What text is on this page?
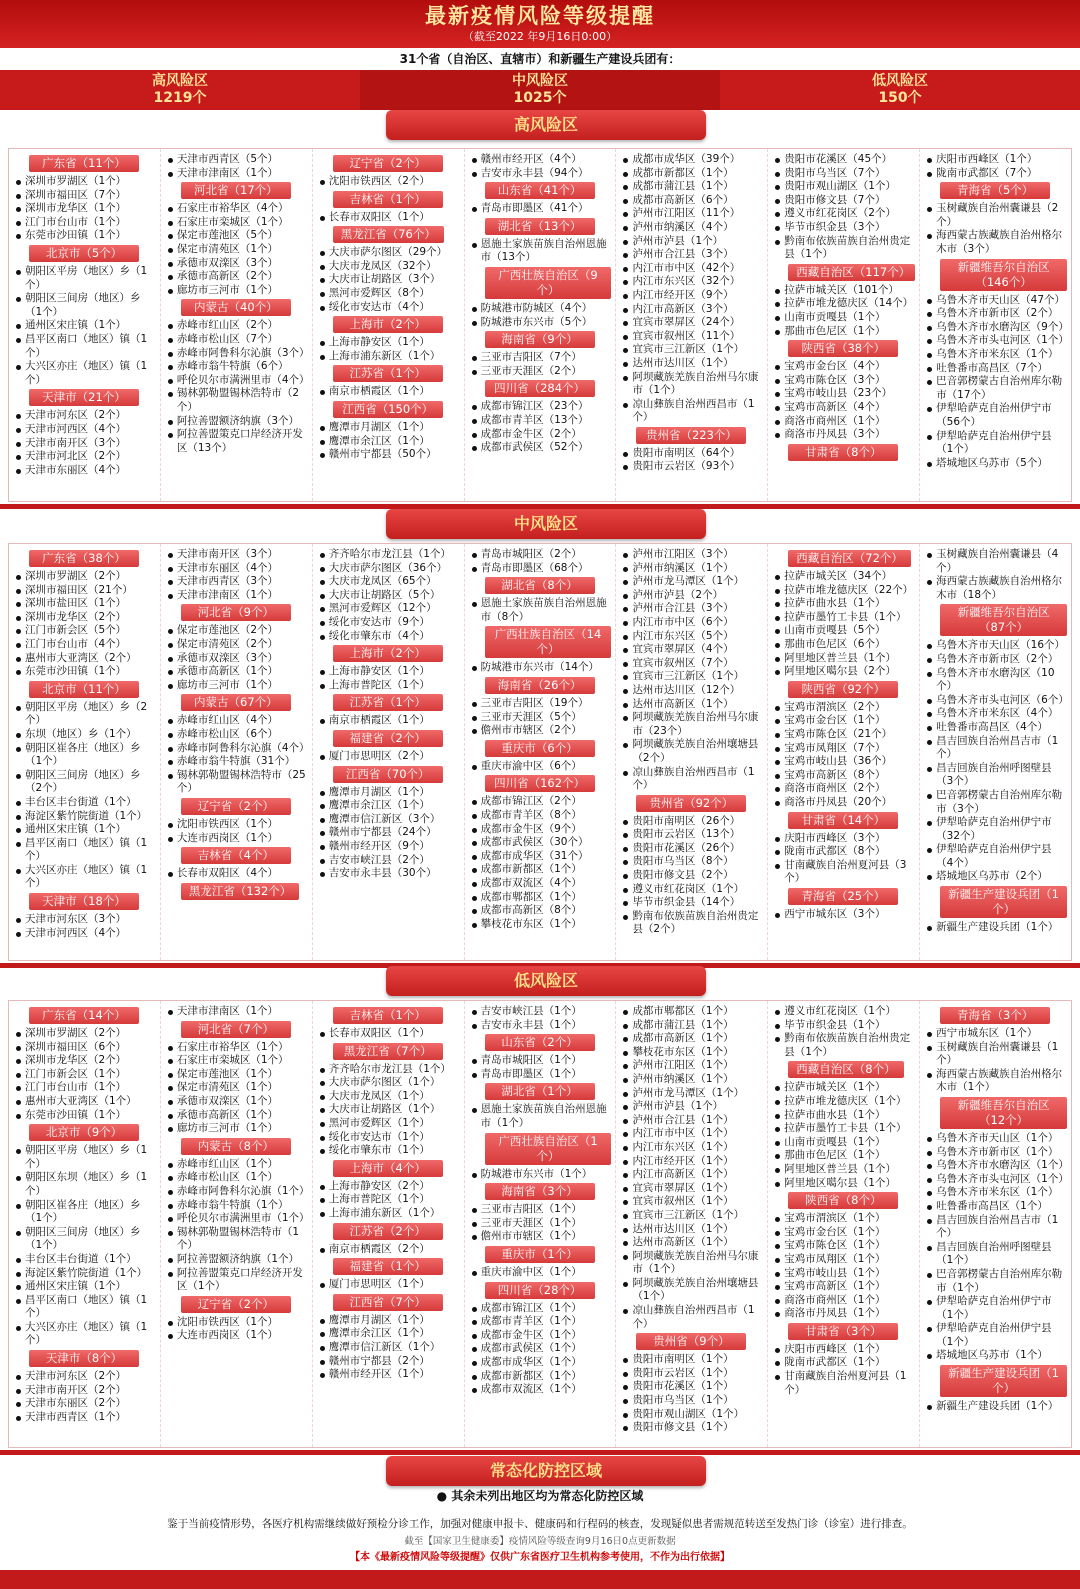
最新疫情风险等级提醒
（截至2022 年9月16日0:00）
31个省（自治区、直辖市）和新疆生产建设兵团有：
高风险区
1219个
中风险区
1025个
低风险区
150个
高风险区
广东省（11个）
深圳市罗湖区（1个）
深圳市福田区（7个）
深圳市龙华区（1个）
江门市台山市（1个）
东莞市沙田镇（1个）
北京市（5个）
朝阳区平房（地区）乡（1个）
朝阳区三间房（地区）乡（1个）
通州区宋庄镇（1个）
昌平区南口（地区）镇（1个）
大兴区亦庄（地区）镇（1个）
天津市（21个）
天津市河东区（2个）
天津市河西区（4个）
天津市南开区（3个）
天津市河北区（2个）
天津市东丽区（4个）
天津市西青区（5个）
天津市津南区（1个）
河北省（17个）
石家庄市裕华区（4个）
石家庄市栾城区（1个）
保定市莲池区（5个）
保定市清苑区（1个）
承德市双滦区（3个）
承德市高新区（2个）
廊坊市三河市（1个）
内蒙古（40个）
赤峰市红山区（2个）
赤峰市松山区（7个）
赤峰市阿鲁科尔沁旗（3个）
赤峰市翁牛特旗（6个）
呼伦贝尔市满洲里市（4个）
锡林郭勒盟锡林浩特市（2个）
阿拉善盟额济纳旗（3个）
阿拉善盟策克口岸经济开发区（13个）
辽宁省（2个）
沈阳市铁西区（2个）
吉林省（1个）
长春市双阳区（1个）
黑龙江省（76个）
大庆市萨尔图区（29个）
大庆市龙凤区（32个）
大庆市让胡路区（3个）
黑河市爱辉区（8个）
绥化市安达市（4个）
上海市（2个）
上海市静安区（1个）
上海市浦东新区（1个）
江苏省（1个）
南京市栖霞区（1个）
江西省（150个）
鹰潭市月湖区（1个）
鹰潭市余江区（1个）
赣州市宁都县（50个）
赣州市经开区（4个）
吉安市永丰县（94个）
山东省（41个）
青岛市即墨区（41个）
湖北省（13个）
恩施土家族苗族自治州恩施市（13个）
广西壮族自治区（9个）
防城港市防城区（4个）
防城港市东兴市（5个）
海南省（9个）
三亚市吉阳区（7个）
三亚市天涯区（2个）
四川省（284个）
成都市锦江区（23个）
成都市青羊区（13个）
成都市金牛区（2个）
成都市武侯区（52个）
成都市成华区（39个）
成都市新都区（1个）
成都市蒲江县（1个）
成都市高新区（6个）
泸州市江阳区（11个）
泸州市纳溪区（4个）
泸州市泸县（1个）
泸州市合江县（3个）
内江市市中区（42个）
内江市东兴区（32个）
内江市经开区（9个）
内江市高新区（3个）
宜宾市翠屏区（24个）
宜宾市叙州区（11个）
宜宾市三江新区（1个）
达州市达川区（1个）
阿坝藏族羌族自治州马尔康市（1个）
凉山彝族自治州西昌市（1个）
贵州省（223个）
贵阳市南明区（64个）
贵阳市云岩区（93个）
贵阳市花溪区（45个）
贵阳市乌当区（7个）
贵阳市观山湖区（1个）
贵阳市修文县（7个）
遵义市红花岗区（2个）
毕节市织金县（3个）
黔南布依族苗族自治州贵定县（1个）
西藏自治区（117个）
拉萨市城关区（101个）
拉萨市堆龙德庆区（14个）
山南市贡嘎县（1个）
那曲市色尼区（1个）
陕西省（38个）
宝鸡市金台区（4个）
宝鸡市陈仓区（3个）
宝鸡市岐山县（23个）
宝鸡市高新区（4个）
商洛市商州区（1个）
商洛市丹凤县（3个）
甘肃省（8个）
庆阳市西峰区（1个）
陇南市武都区（7个）
青海省（5个）
玉树藏族自治州囊谦县（2个）
海西蒙古族藏族自治州格尔木市（3个）
新疆维吾尔自治区（146个）
乌鲁木齐市天山区（47个）
乌鲁木齐市新市区（2个）
乌鲁木齐市水磨沟区（9个）
乌鲁木齐市头屯河区（1个）
乌鲁木齐市米东区（1个）
吐鲁番市高昌区（7个）
巴音郭楞蒙古自治州库尔勒市（17个）
伊犁哈萨克自治州伊宁市（56个）
伊犁哈萨克自治州伊宁县（1个）
塔城地区乌苏市（5个）
中风险区
广东省（38个）
深圳市罗湖区（2个）
深圳市福田区（21个）
深圳市盐田区（1个）
深圳市龙华区（2个）
江门市新会区（5个）
江门市台山市（4个）
惠州市大亚湾区（2个）
东莞市沙田镇（1个）
北京市（11个）
朝阳区平房（地区）乡（2个）
东坝（地区）乡（1个）
朝阳区崔各庄（地区）乡（1个）
朝阳区三间房（地区）乡（2个）
丰台区丰台街道（1个）
海淀区紫竹院街道（1个）
通州区宋庄镇（1个）
昌平区南口（地区）镇（1个）
大兴区亦庄（地区）镇（1个）
天津市（18个）
天津市河东区（3个）
天津市河西区（4个）
天津市南开区（3个）
天津市东丽区（4个）
天津市西青区（3个）
天津市津南区（1个）
河北省（9个）
保定市莲池区（2个）
保定市清苑区（2个）
承德市双滦区（3个）
承德市高新区（1个）
廊坊市三河市（1个）
内蒙古（67个）
赤峰市红山区（4个）
赤峰市松山区（6个）
赤峰市阿鲁科尔沁旗（4个）
赤峰市翁牛特旗（31个）
锡林郭勒盟锡林浩特市（25个）
辽宁省（2个）
沈阳市铁西区（1个）
大连市西岗区（1个）
吉林省（4个）
长春市双阳区（4个）
黑龙江省（132个）
齐齐哈尔市龙江县（1个）
大庆市萨尔图区（36个）
大庆市龙凤区（65个）
大庆市让胡路区（5个）
黑河市爱辉区（12个）
绥化市安达市（9个）
绥化市肇东市（4个）
上海市（2个）
上海市静安区（1个）
上海市普陀区（1个）
江苏省（1个）
南京市栖霞区（1个）
福建省（2个）
厦门市思明区（2个）
江西省（70个）
鹰潭市月湖区（1个）
鹰潭市余江区（1个）
鹰潭市信江新区（3个）
赣州市宁都县（24个）
赣州市经开区（9个）
吉安市峡江县（2个）
吉安市永丰县（30个）
青岛市城阳区（2个）
青岛市即墨区（68个）
湖北省（8个）
恩施土家族苗族自治州恩施市（8个）
广西壮族自治区（14个）
防城港市东兴市（14个）
海南省（26个）
三亚市吉阳区（19个）
三亚市天涯区（5个）
儋州市市辖区（2个）
重庆市（6个）
重庆市渝中区（6个）
四川省（162个）
成都市锦江区（2个）
成都市青羊区（8个）
成都市金牛区（9个）
成都市武侯区（30个）
成都市成华区（31个）
成都市新都区（1个）
成都市双流区（4个）
成都市郫都区（1个）
成都市高新区（8个）
攀枝花市东区（1个）
泸州市江阳区（3个）
泸州市纳溪区（1个）
泸州市龙马潭区（1个）
泸州市泸县（2个）
泸州市合江县（3个）
内江市市中区（6个）
内江市东兴区（5个）
宜宾市翠屏区（4个）
宜宾市叙州区（7个）
宜宾市三江新区（1个）
达州市达川区（12个）
达州市高新区（1个）
阿坝藏族羌族自治州马尔康市（23个）
阿坝藏族羌族自治州壤塘县（2个）
凉山彝族自治州西昌市（1个）
贵州省（92个）
贵阳市南明区（26个）
贵阳市云岩区（13个）
贵阳市花溪区（26个）
贵阳市乌当区（8个）
贵阳市修文县（2个）
遵义市红花岗区（1个）
毕节市织金县（14个）
黔南布依族苗族自治州贵定县（2个）
西藏自治区（72个）
拉萨市城关区（34个）
拉萨市堆龙德庆区（22个）
拉萨市曲水县（1个）
拉萨市墨竹工卡县（1个）
山南市贡嘎县（5个）
那曲市色尼区（6个）
阿里地区普兰县（1个）
阿里地区噶尔县（2个）
陕西省（92个）
宝鸡市渭滨区（2个）
宝鸡市金台区（1个）
宝鸡市陈仓区（21个）
宝鸡市凤翔区（7个）
宝鸡市岐山县（36个）
宝鸡市高新区（8个）
商洛市商州区（2个）
商洛市丹凤县（20个）
甘肃省（14个）
庆阳市西峰区（3个）
陇南市武都区（8个）
甘南藏族自治州夏河县（3个）
青海省（25个）
西宁市城东区（3个）
玉树藏族自治州囊谦县（4个）
海西蒙古族藏族自治州格尔木市（18个）
新疆维吾尔自治区（87个）
乌鲁木齐市天山区（16个）
乌鲁木齐市新市区（2个）
乌鲁木齐市水磨沟区（10个）
乌鲁木齐市头屯河区（6个）
乌鲁木齐市米东区（4个）
吐鲁番市高昌区（4个）
昌吉回族自治州昌吉市（1个）
昌吉回族自治州呼图壁县（3个）
巴音郭楞蒙古自治州库尔勒市（3个）
伊犁哈萨克自治州伊宁市（32个）
伊犁哈萨克自治州伊宁县（4个）
塔城地区乌苏市（2个）
新疆生产建设兵团（1个）
新疆生产建设兵团（1个）
低风险区
广东省（14个）
深圳市罗湖区（2个）
深圳市福田区（6个）
深圳市龙华区（2个）
江门市新会区（1个）
江门市台山市（1个）
惠州市大亚湾区（1个）
东莞市沙田镇（1个）
北京市（9个）
朝阳区平房（地区）乡（1个）
朝阳区东坝（地区）乡（1个）
朝阳区崔各庄（地区）乡（1个）
朝阳区三间房（地区）乡（1个）
丰台区丰台街道（1个）
海淀区紫竹院街道（1个）
通州区宋庄镇（1个）
昌平区南口（地区）镇（1个）
大兴区亦庄（地区）镇（1个）
天津市（8个）
天津市河东区（2个）
天津市南开区（2个）
天津市东丽区（2个）
天津市西青区（1个）
天津市津南区（1个）
河北省（7个）
石家庄市裕华区（1个）
石家庄市栾城区（1个）
保定市莲池区（1个）
保定市清苑区（1个）
承德市双滦区（1个）
承德市高新区（1个）
廊坊市三河市（1个）
内蒙古（8个）
赤峰市红山区（1个）
赤峰市松山区（1个）
赤峰市阿鲁科尔沁旗（1个）
赤峰市翁牛特旗（1个）
呼伦贝尔市满洲里市（1个）
锡林郭勒盟锡林浩特市（1个）
阿拉善盟额济纳旗（1个）
阿拉善盟策克口岸经济开发区（1个）
辽宁省（2个）
沈阳市铁西区（1个）
大连市西岗区（1个）
吉林省（1个）
长春市双阳区（1个）
黑龙江省（7个）
齐齐哈尔市龙江县（1个）
大庆市萨尔图区（1个）
大庆市龙凤区（1个）
大庆市让胡路区（1个）
黑河市爱辉区（1个）
绥化市安达市（1个）
绥化市肇东市（1个）
上海市（4个）
上海市静安区（2个）
上海市普陀区（1个）
上海市浦东新区（1个）
江苏省（2个）
南京市栖霞区（2个）
福建省（1个）
厦门市思明区（1个）
江西省（7个）
鹰潭市月湖区（1个）
鹰潭市余江区（1个）
鹰潭市信江新区（1个）
赣州市宁都县（2个）
赣州市经开区（1个）
吉安市峡江县（1个）
吉安市永丰县（1个）
山东省（2个）
青岛市城阳区（1个）
青岛市即墨区（1个）
湖北省（1个）
恩施土家族苗族自治州恩施市（1个）
广西壮族自治区（1个）
防城港市东兴市（1个）
海南省（3个）
三亚市吉阳区（1个）
三亚市天涯区（1个）
儋州市市辖区（1个）
重庆市（1个）
重庆市渝中区（1个）
四川省（28个）
成都市锦江区（1个）
成都市青羊区（1个）
成都市金牛区（1个）
成都市武侯区（1个）
成都市成华区（1个）
成都市新都区（1个）
成都市双流区（1个）
成都市郫都区（1个）
成都市蒲江县（1个）
成都市高新区（1个）
攀枝花市东区（1个）
泸州市江阳区（1个）
泸州市纳溪区（1个）
泸州市龙马潭区（1个）
泸州市泸县（1个）
泸州市合江县（1个）
内江市市中区（1个）
内江市东兴区（1个）
内江市经开区（1个）
内江市高新区（1个）
宜宾市翠屏区（1个）
宜宾市叙州区（1个）
宜宾市三江新区（1个）
达州市达川区（1个）
达州市高新区（1个）
阿坝藏族羌族自治州马尔康市（1个）
阿坝藏族羌族自治州壤塘县（1个）
凉山彝族自治州西昌市（1个）
贵州省（9个）
贵阳市南明区（1个）
贵阳市云岩区（1个）
贵阳市花溪区（1个）
贵阳市乌当区（1个）
贵阳市观山湖区（1个）
贵阳市修文县（1个）
遵义市红花岗区（1个）
毕节市织金县（1个）
黔南布依族苗族自治州贵定县（1个）
西藏自治区（8个）
拉萨市城关区（1个）
拉萨市堆龙德庆区（1个）
拉萨市曲水县（1个）
拉萨市墨竹工卡县（1个）
山南市贡嘎县（1个）
那曲市色尼区（1个）
阿里地区普兰县（1个）
阿里地区噶尔县（1个）
陕西省（8个）
宝鸡市渭滨区（1个）
宝鸡市金台区（1个）
宝鸡市陈仓区（1个）
宝鸡市凤翔区（1个）
宝鸡市岐山县（1个）
宝鸡市高新区（1个）
商洛市商州区（1个）
商洛市丹凤县（1个）
甘肃省（3个）
庆阳市西峰区（1个）
陇南市武都区（1个）
甘南藏族自治州夏河县（1个）
青海省（3个）
西宁市城东区（1个）
玉树藏族自治州囊谦县（1个）
海西蒙古族藏族自治州格尔木市（1个）
新疆维吾尔自治区（12个）
乌鲁木齐市天山区（1个）
乌鲁木齐市新市区（1个）
乌鲁木齐市水磨沟区（1个）
乌鲁木齐市头屯河区（1个）
乌鲁木齐市米东区（1个）
吐鲁番市高昌区（1个）
昌吉回族自治州昌吉市（1个）
昌吉回族自治州呼图壁县（1个）
巴音郭楞蒙古自治州库尔勒市（1个）
伊犁哈萨克自治州伊宁市（1个）
伊犁哈萨克自治州伊宁县（1个）
塔城地区乌苏市（1个）
新疆生产建设兵团（1个）
新疆生产建设兵团（1个）
常态化防控区域
● 其余未列出地区均为常态化防控区域
鉴于当前疫情形势，各医疗机构需继续做好预检分诊工作，加强对健康申报卡、健康码和行程码的核查，发现疑似患者需规范转送至发热门诊（诊室）进行排查。
截至【国家卫生健康委】疫情风险等级查询9月16日0点更新数据
【本《最新疫情风险等级提醒》仅供广东省医疗卫生机构参考使用，不作为出行依据】
